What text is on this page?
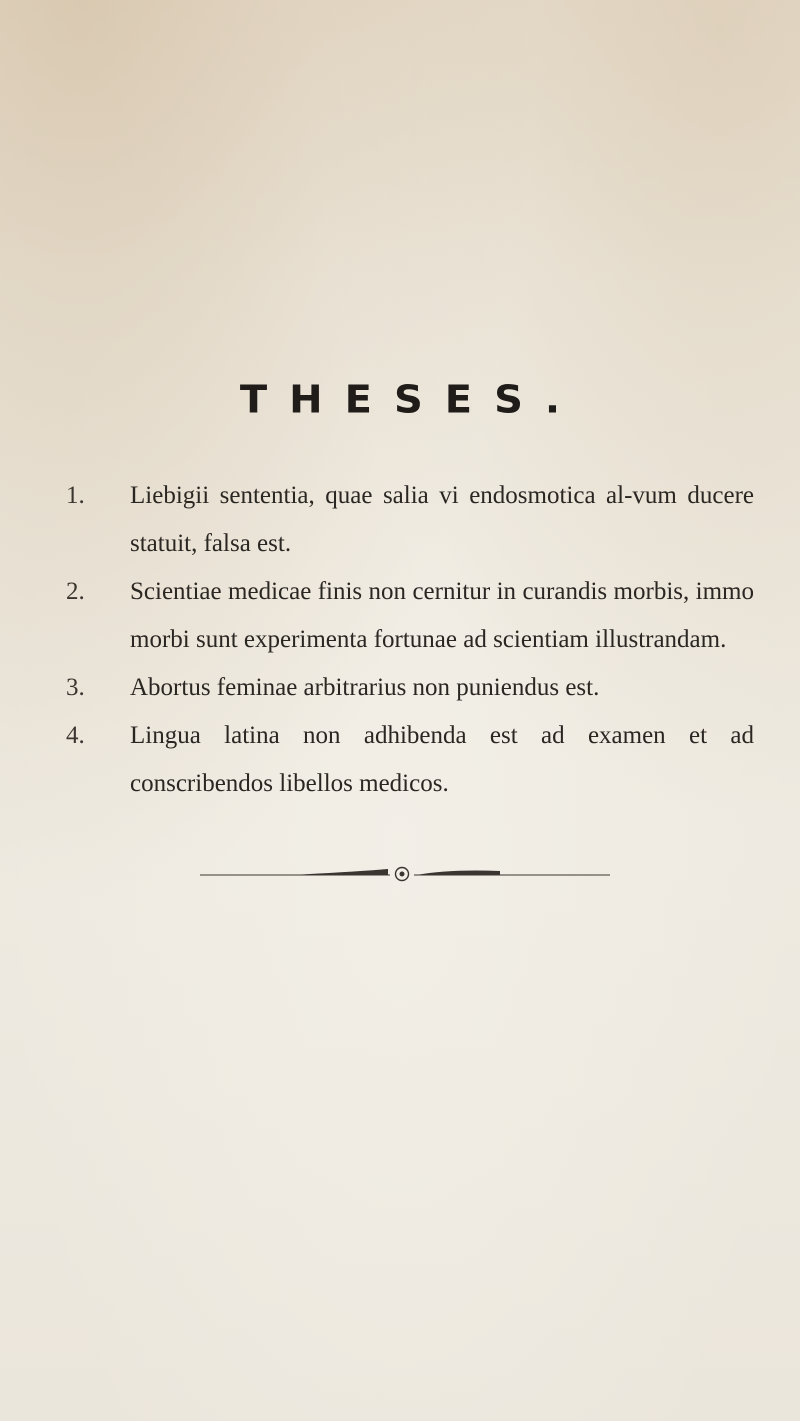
THESES.
1.	Liebigii sententia, quae salia vi endosmotica al-vum ducere statuit, falsa est.
2.	Scientiae medicae finis non cernitur in curandis morbis, immo morbi sunt experimenta fortunae ad scientiam illustrandam.
3.	Abortus feminae arbitrarius non puniendus est.
4.	Lingua latina non adhibenda est ad examen et ad conscribendos libellos medicos.
